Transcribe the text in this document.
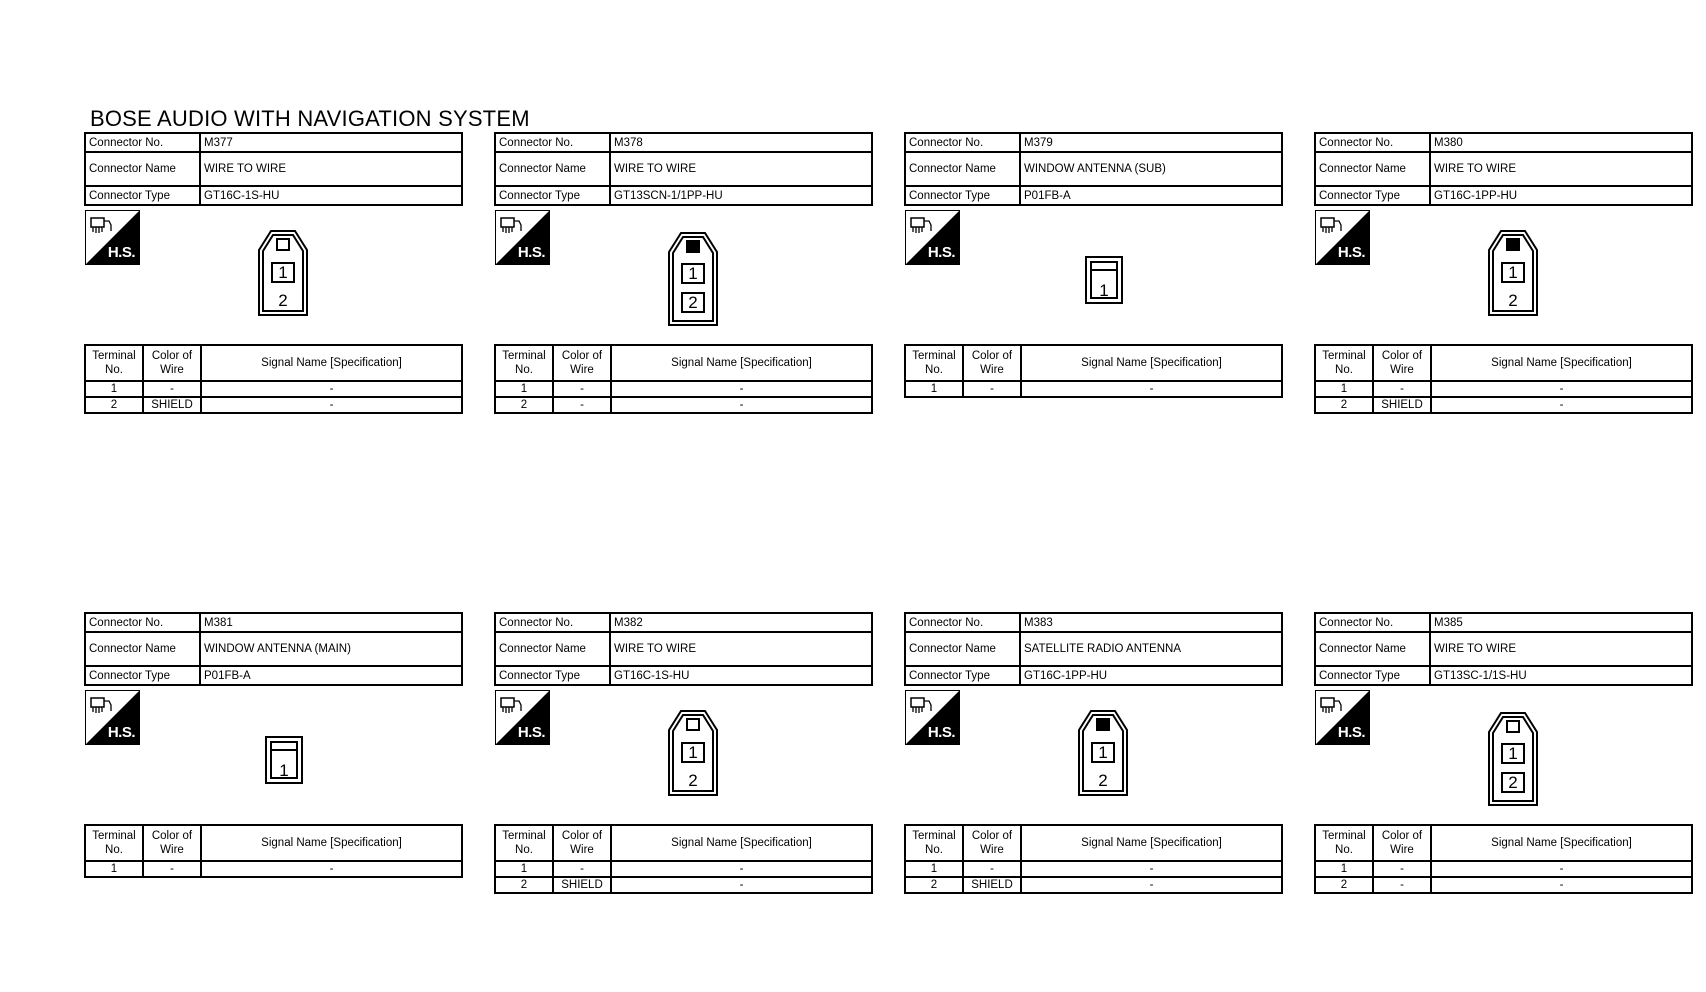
BOSE AUDIO WITH NAVIGATION SYSTEM
Connector No.	M377
Connector Name	WIRE TO WIRE
Connector Type	GT16C-1S-HU
H.S.
1
2
Terminal No.	Color of Wire	Signal Name [Specification]
1	-	-
2	SHIELD	-
Connector No.	M378
Connector Name	WIRE TO WIRE
Connector Type	GT13SCN-1/1PP-HU
H.S.
1
2
Terminal No.	Color of Wire	Signal Name [Specification]
1	-	-
2	-	-
Connector No.	M379
Connector Name	WINDOW ANTENNA (SUB)
Connector Type	P01FB-A
H.S.
1
Terminal No.	Color of Wire	Signal Name [Specification]
1	-	-
Connector No.	M380
Connector Name	WIRE TO WIRE
Connector Type	GT16C-1PP-HU
H.S.
1
2
Terminal No.	Color of Wire	Signal Name [Specification]
1	-	-
2	SHIELD	-
Connector No.	M381
Connector Name	WINDOW ANTENNA (MAIN)
Connector Type	P01FB-A
H.S.
1
Terminal No.	Color of Wire	Signal Name [Specification]
1	-	-
Connector No.	M382
Connector Name	WIRE TO WIRE
Connector Type	GT16C-1S-HU
H.S.
1
2
Terminal No.	Color of Wire	Signal Name [Specification]
1	-	-
2	SHIELD	-
Connector No.	M383
Connector Name	SATELLITE RADIO ANTENNA
Connector Type	GT16C-1PP-HU
H.S.
1
2
Terminal No.	Color of Wire	Signal Name [Specification]
1	-	-
2	SHIELD	-
Connector No.	M385
Connector Name	WIRE TO WIRE
Connector Type	GT13SC-1/1S-HU
H.S.
1
2
Terminal No.	Color of Wire	Signal Name [Specification]
1	-	-
2	-	-
